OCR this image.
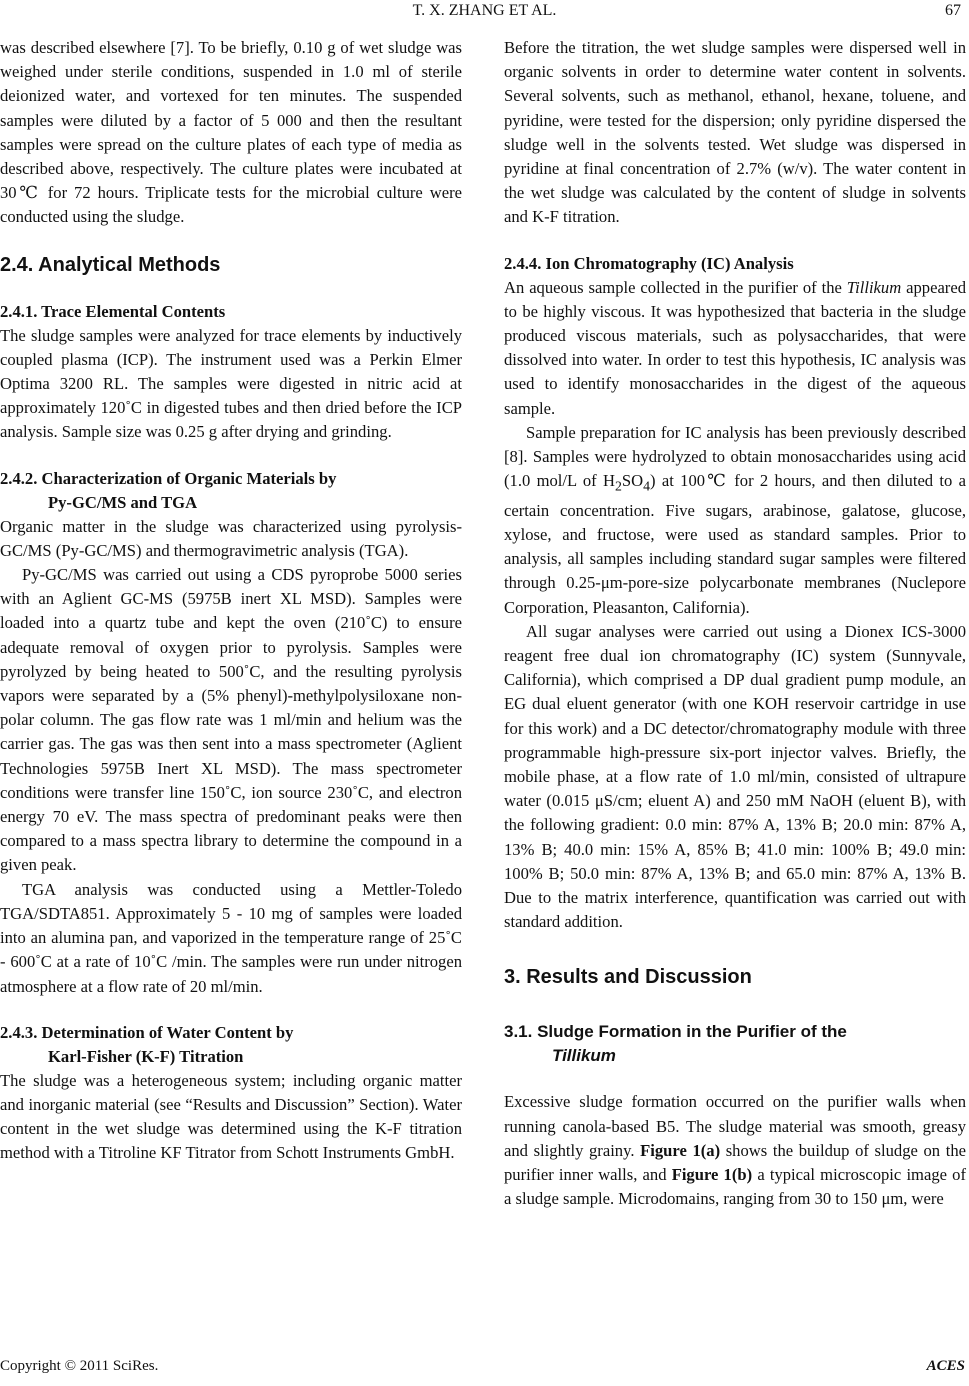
T. X. ZHANG ET AL.	67

was described elsewhere [7]. To be briefly, 0.10 g of wet sludge was weighed under sterile conditions, suspended in 1.0 ml of sterile deionized water, and vortexed for ten minutes. The suspended samples were diluted by a factor of 5 000 and then the resultant samples were spread on the culture plates of each type of media as described above, respectively. The culture plates were incubated at 30℃ for 72 hours. Triplicate tests for the microbial culture were conducted using the sludge.

2.4. Analytical Methods
2.4.1. Trace Elemental Contents

The sludge samples were analyzed for trace elements by inductively coupled plasma (ICP). The instrument used was a Perkin Elmer Optima 3200 RL. The samples were digested in nitric acid at approximately 120˚C in digested tubes and then dried before the ICP analysis. Sample size was 0.25 g after drying and grinding.

2.4.2. Characterization of Organic Materials by
Py-GC/MS and TGA

Organic matter in the sludge was characterized using pyrolysis-GC/MS (Py-GC/MS) and thermogravimetric analysis (TGA).

Py-GC/MS was carried out using a CDS pyroprobe 5000 series with an Aglient GC-MS (5975B inert XL MSD). Samples were loaded into a quartz tube and kept the oven (210˚C) to ensure adequate removal of oxygen prior to pyrolysis. Samples were pyrolyzed by being heated to 500˚C, and the resulting pyrolysis vapors were separated by a (5% phenyl)-methylpolysiloxane non-polar column. The gas flow rate was 1 ml/min and helium was the carrier gas. The gas was then sent into a mass spectrometer (Aglient Technologies 5975B Inert XL MSD). The mass spectrometer conditions were transfer line 150˚C, ion source 230˚C, and electron energy 70 eV. The mass spectra of predominant peaks were then compared to a mass spectra library to determine the compound in a given peak.

TGA analysis was conducted using a Mettler-Toledo TGA/SDTA851. Approximately 5 - 10 mg of samples were loaded into an alumina pan, and vaporized in the temperature range of 25˚C - 600˚C at a rate of 10˚C /min. The samples were run under nitrogen atmosphere at a flow rate of 20 ml/min.

2.4.3. Determination of Water Content by
Karl-Fisher (K-F) Titration

The sludge was a heterogeneous system; including organic matter and inorganic material (see “Results and Discussion” Section). Water content in the wet sludge was determined using the K-F titration method with a Titroline KF Titrator from Schott Instruments GmbH.

Before the titration, the wet sludge samples were dispersed well in organic solvents in order to determine water content in solvents. Several solvents, such as methanol, ethanol, hexane, toluene, and pyridine, were tested for the dispersion; only pyridine dispersed the sludge well in the solvents tested. Wet sludge was dispersed in pyridine at final concentration of 2.7% (w/v). The water content in the wet sludge was calculated by the content of sludge in solvents and K-F titration.

2.4.4. Ion Chromatography (IC) Analysis

An aqueous sample collected in the purifier of the Tillikum appeared to be highly viscous. It was hypothesized that bacteria in the sludge produced viscous materials, such as polysaccharides, that were dissolved into water. In order to test this hypothesis, IC analysis was used to identify monosaccharides in the digest of the aqueous sample.

Sample preparation for IC analysis has been previously described [8]. Samples were hydrolyzed to obtain monosaccharides using acid (1.0 mol/L of $H_2SO_4$) at 100℃ for 2 hours, and then diluted to a certain concentration. Five sugars, arabinose, galatose, glucose, xylose, and fructose, were used as standard samples. Prior to analysis, all samples including standard sugar samples were filtered through 0.25-μm-pore-size polycarbonate membranes (Nuclepore Corporation, Pleasanton, California).

All sugar analyses were carried out using a Dionex ICS-3000 reagent free dual ion chromatography (IC) system (Sunnyvale, California), which comprised a DP dual gradient pump module, an EG dual eluent generator (with one KOH reservoir cartridge in use for this work) and a DC detector/chromatography module with three programmable high-pressure six-port injector valves. Briefly, the mobile phase, at a flow rate of 1.0 ml/min, consisted of ultrapure water (0.015 μS/cm; eluent A) and 250 mM NaOH (eluent B), with the following gradient: 0.0 min: 87% A, 13% B; 20.0 min: 87% A, 13% B; 40.0 min: 15% A, 85% B; 41.0 min: 100% B; 49.0 min: 100% B; 50.0 min: 87% A, 13% B; and 65.0 min: 87% A, 13% B. Due to the matrix interference, quantification was carried out with standard addition.

3. Results and Discussion
3.1. Sludge Formation in the Purifier of the
Tillikum

Excessive sludge formation occurred on the purifier walls when running canola-based B5. The sludge material was smooth, greasy and slightly grainy. Figure 1(a) shows the buildup of sludge on the purifier inner walls, and Figure 1(b) a typical microscopic image of a sludge sample. Microdomains, ranging from 30 to 150 μm, were

Copyright © 2011 SciRes.	ACES
